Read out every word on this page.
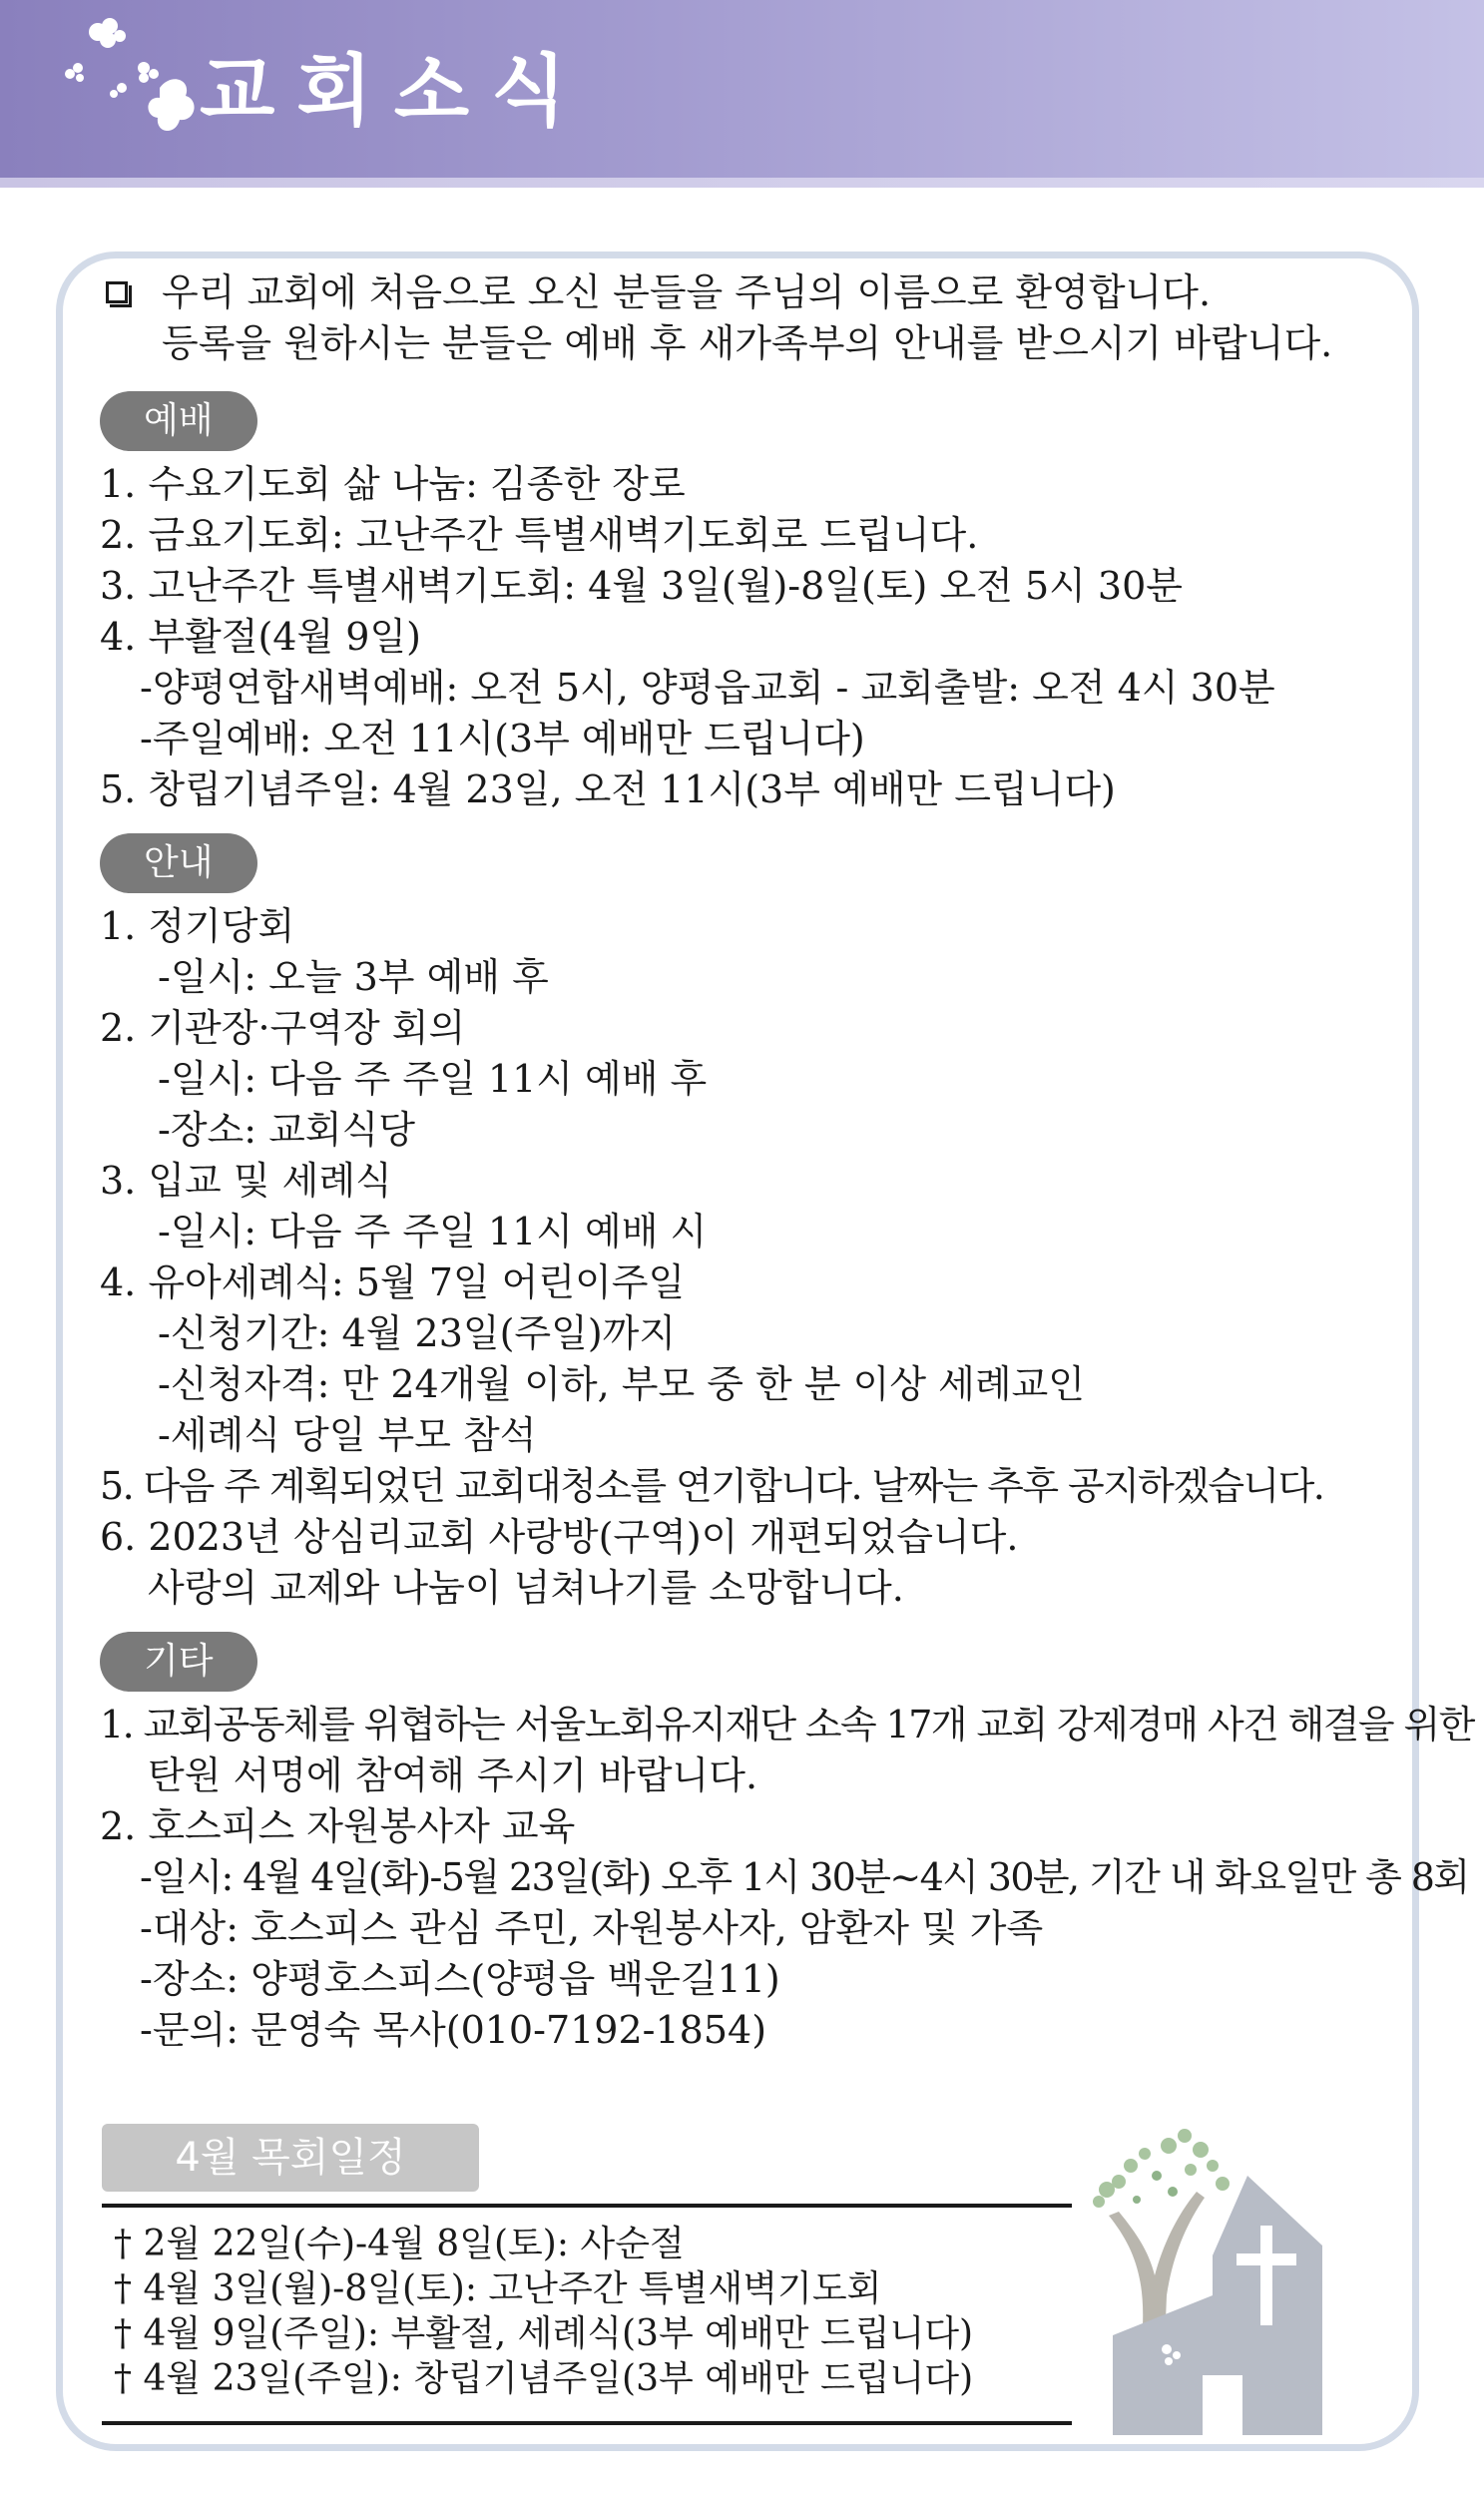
교회소식
우리 교회에 처음으로 오신 분들을 주님의 이름으로 환영합니다.
등록을 원하시는 분들은 예배 후 새가족부의 안내를 받으시기 바랍니다.
예배
1. 수요기도회 삶 나눔: 김종한 장로
2. 금요기도회: 고난주간 특별새벽기도회로 드립니다.
3. 고난주간 특별새벽기도회: 4월 3일(월)-8일(토) 오전 5시 30분
4. 부활절(4월 9일)
-양평연합새벽예배: 오전 5시, 양평읍교회 - 교회출발: 오전 4시 30분
-주일예배: 오전 11시(3부 예배만 드립니다)
5. 창립기념주일: 4월 23일, 오전 11시(3부 예배만 드립니다)
안내
1. 정기당회
-일시: 오늘 3부 예배 후
2. 기관장·구역장 회의
-일시: 다음 주 주일 11시 예배 후
-장소: 교회식당
3. 입교 및 세례식
-일시: 다음 주 주일 11시 예배 시
4. 유아세례식: 5월 7일 어린이주일
-신청기간: 4월 23일(주일)까지
-신청자격: 만 24개월 이하, 부모 중 한 분 이상 세례교인
-세례식 당일 부모 참석
5. 다음 주 계획되었던 교회대청소를 연기합니다. 날짜는 추후 공지하겠습니다.
6. 2023년 상심리교회 사랑방(구역)이 개편되었습니다.
사랑의 교제와 나눔이 넘쳐나기를 소망합니다.
기타
1. 교회공동체를 위협하는 서울노회유지재단 소속 17개 교회 강제경매 사건 해결을 위한
탄원 서명에 참여해 주시기 바랍니다.
2. 호스피스 자원봉사자 교육
-일시: 4월 4일(화)-5월 23일(화) 오후 1시 30분~4시 30분, 기간 내 화요일만 총 8회
-대상: 호스피스 관심 주민, 자원봉사자, 암환자 및 가족
-장소: 양평호스피스(양평읍 백운길11)
-문의: 문영숙 목사(010-7192-1854)
4월 목회일정
† 2월 22일(수)-4월 8일(토): 사순절
† 4월 3일(월)-8일(토): 고난주간 특별새벽기도회
† 4월 9일(주일): 부활절, 세례식(3부 예배만 드립니다)
† 4월 23일(주일): 창립기념주일(3부 예배만 드립니다)
